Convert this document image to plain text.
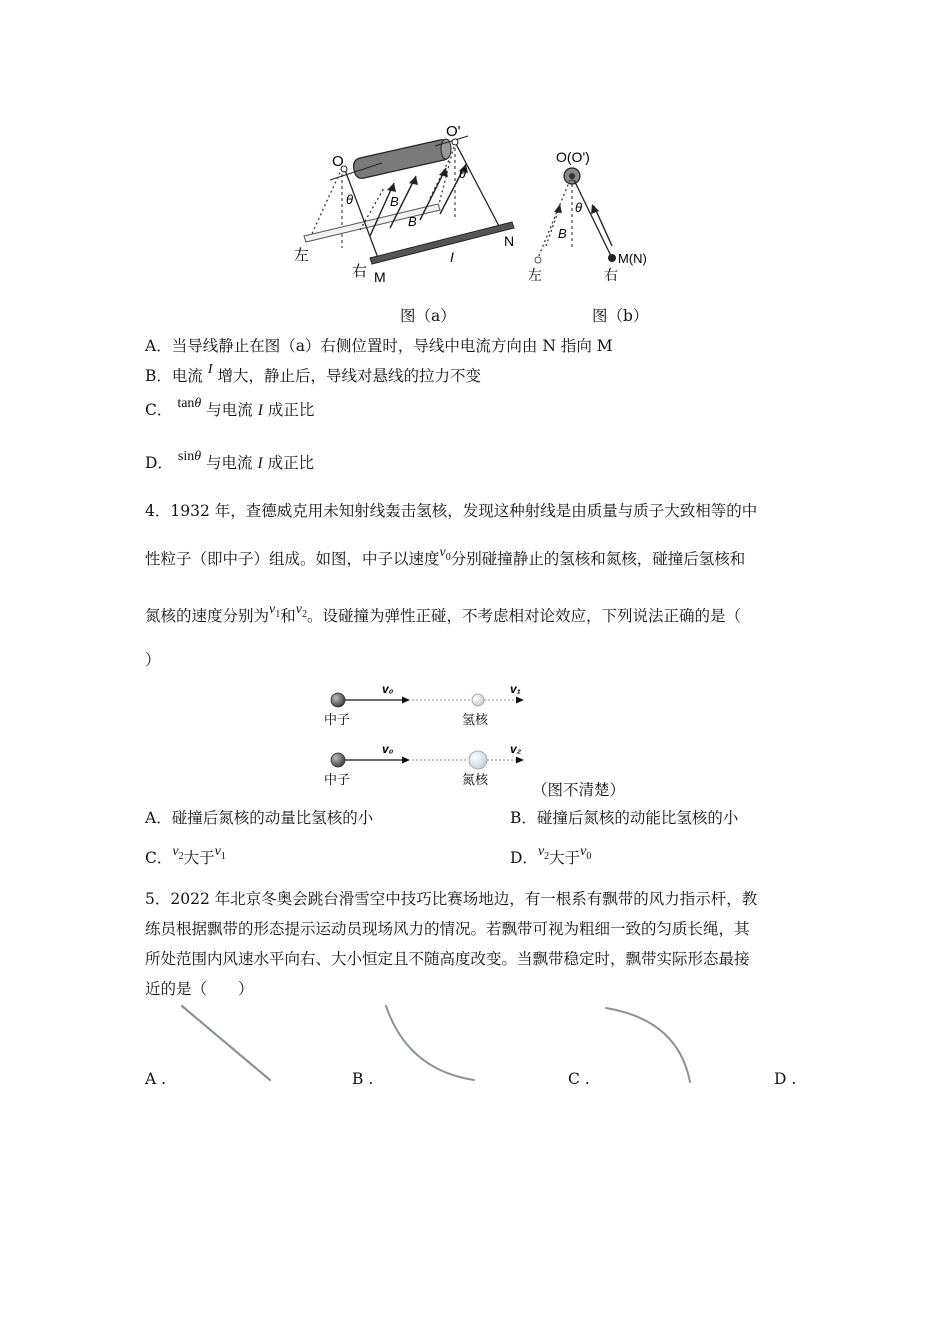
O
O'
θ
θ
B
B
左
右 M
N
I
O(O')
θ
B
左	右
M(N)
图（a）	图（b）
A．当导线静止在图（a）右侧位置时，导线中电流方向由 N 指向 M
B．电流 I 增大，静止后，导线对悬线的拉力不变
C． tanθ 与电流 I 成正比
D． sinθ 与电流 I 成正比
4．1932 年，查德威克用未知射线轰击氢核，发现这种射线是由质量与质子大致相等的中
性粒子（即中子）组成。如图，中子以速度$v_0$分别碰撞静止的氢核和氮核，碰撞后氢核和
氮核的速度分别为$v_1$和$v_2$。设碰撞为弹性正碰，不考虑相对论效应，下列说法正确的是（
）
v₀	v₁
中子	氢核
v₀	v₂
中子	氮核
（图不清楚）
A．碰撞后氮核的动量比氢核的小	B．碰撞后氮核的动能比氢核的小
C．$v_2$大于$v_1$	D．$v_2$大于$v_0$
5．2022 年北京冬奥会跳台滑雪空中技巧比赛场地边，有一根系有飘带的风力指示杆，教
练员根据飘带的形态提示运动员现场风力的情况。若飘带可视为粗细一致的匀质长绳，其
所处范围内风速水平向右、大小恒定且不随高度改变。当飘带稳定时，飘带实际形态最接
近的是（　　）
A .	B .	C .	D .
